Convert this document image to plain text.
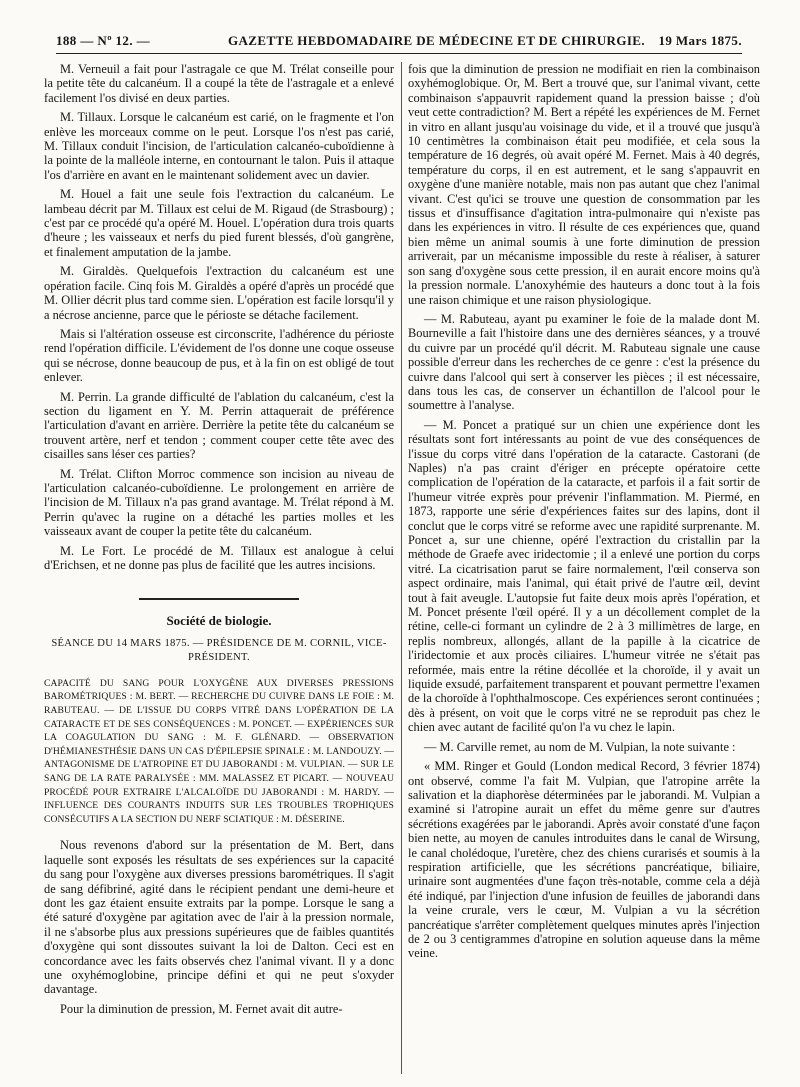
188 — Nº 12. —	GAZETTE HEBDOMADAIRE DE MÉDECINE ET DE CHIRURGIE. 19 Mars 1875.

M. Verneuil a fait pour l'astragale ce que M. Trélat conseille pour la petite tête du calcanéum. Il a coupé la tête de l'astragale et a enlevé facilement l'os divisé en deux parties.

M. Tillaux. Lorsque le calcanéum est carié, on le fragmente et l'on enlève les morceaux comme on le peut. Lorsque l'os n'est pas carié, M. Tillaux conduit l'incision, de l'articulation calcanéo-cuboïdienne à la pointe de la malléole interne, en contournant le talon. Puis il attaque l'os d'arrière en avant en le maintenant solidement avec un davier.

M. Houel a fait une seule fois l'extraction du calcanéum. Le lambeau décrit par M. Tillaux est celui de M. Rigaud (de Strasbourg) ; c'est par ce procédé qu'a opéré M. Houel. L'opération dura trois quarts d'heure ; les vaisseaux et nerfs du pied furent blessés, d'où gangrène, et finalement amputation de la jambe.

M. Giraldès. Quelquefois l'extraction du calcanéum est une opération facile. Cinq fois M. Giraldès a opéré d'après un procédé que M. Ollier décrit plus tard comme sien. L'opération est facile lorsqu'il y a nécrose ancienne, parce que le périoste se détache facilement.

Mais si l'altération osseuse est circonscrite, l'adhérence du périoste rend l'opération difficile. L'évidement de l'os donne une coque osseuse qui se nécrose, donne beaucoup de pus, et à la fin on est obligé de tout enlever.

M. Perrin. La grande difficulté de l'ablation du calcanéum, c'est la section du ligament en Y. M. Perrin attaquerait de préférence l'articulation d'avant en arrière. Derrière la petite tête du calcanéum se trouvent artère, nerf et tendon ; comment couper cette tête avec des cisailles sans léser ces parties?

M. Trélat. Clifton Morroc commence son incision au niveau de l'articulation calcanéo-cuboïdienne. Le prolongement en arrière de l'incision de M. Tillaux n'a pas grand avantage. M. Trélat répond à M. Perrin qu'avec la rugine on a détaché les parties molles et les vaisseaux avant de couper la petite tête du calcanéum.

M. Le Fort. Le procédé de M. Tillaux est analogue à celui d'Erichsen, et ne donne pas plus de facilité que les autres incisions.

Société de biologie.

SÉANCE DU 14 MARS 1875. — PRÉSIDENCE DE M. CORNIL, VICE-PRÉSIDENT.

CAPACITÉ DU SANG POUR L'OXYGÈNE AUX DIVERSES PRESSIONS BAROMÉTRIQUES : M. BERT. — RECHERCHE DU CUIVRE DANS LE FOIE : M. RABUTEAU. — DE L'ISSUE DU CORPS VITRÉ DANS L'OPÉRATION DE LA CATARACTE ET DE SES CONSÉQUENCES : M. PONCET. — EXPÉRIENCES SUR LA COAGULATION DU SANG : M. F. GLÉNARD. — OBSERVATION D'HÉMIANESTHÉSIE DANS UN CAS D'ÉPILEPSIE SPINALE : M. LANDOUZY. — ANTAGONISME DE L'ATROPINE ET DU JABORANDI : M. VULPIAN. — SUR LE SANG DE LA RATE PARALYSÉE : MM. MALASSEZ ET PICART. — NOUVEAU PROCÉDÉ POUR EXTRAIRE L'ALCALOÏDE DU JABORANDI : M. HARDY. — INFLUENCE DES COURANTS INDUITS SUR LES TROUBLES TROPHIQUES CONSÉCUTIFS A LA SECTION DU NERF SCIATIQUE : M. DÉSERINE.

Nous revenons d'abord sur la présentation de M. Bert, dans laquelle sont exposés les résultats de ses expériences sur la capacité du sang pour l'oxygène aux diverses pressions barométriques. Il s'agit de sang défibriné, agité dans le récipient pendant une demi-heure et dont les gaz étaient ensuite extraits par la pompe. Lorsque le sang a été saturé d'oxygène par agitation avec de l'air à la pression normale, il ne s'absorbe plus aux pressions supérieures que de faibles quantités d'oxygène qui sont dissoutes suivant la loi de Dalton. Ceci est en concordance avec les faits observés chez l'animal vivant. Il y a donc une oxyhémoglobine, principe défini et qui ne peut s'oxyder davantage.

Pour la diminution de pression, M. Fernet avait dit autre-

fois que la diminution de pression ne modifiait en rien la combinaison oxyhémoglobique. Or, M. Bert a trouvé que, sur l'animal vivant, cette combinaison s'appauvrit rapidement quand la pression baisse ; d'où veut cette contradiction? M. Bert a répété les expériences de M. Fernet in vitro en allant jusqu'au voisinage du vide, et il a trouvé que jusqu'à 10 centimètres la combinaison était peu modifiée, et cela sous la température de 16 degrés, où avait opéré M. Fernet. Mais à 40 degrés, température du corps, il en est autrement, et le sang s'appauvrit en oxygène d'une manière notable, mais non pas autant que chez l'animal vivant. C'est qu'ici se trouve une question de consommation par les tissus et d'insuffisance d'agitation intra-pulmonaire qui n'existe pas dans les expériences in vitro. Il résulte de ces expériences que, quand bien même un animal soumis à une forte diminution de pression arriverait, par un mécanisme impossible du reste à réaliser, à saturer son sang d'oxygène sous cette pression, il en aurait encore moins qu'à la pression normale. L'anoxyhémie des hauteurs a donc tout à la fois une raison chimique et une raison physiologique.

— M. Rabuteau, ayant pu examiner le foie de la malade dont M. Bourneville a fait l'histoire dans une des dernières séances, y a trouvé du cuivre par un procédé qu'il décrit. M. Rabuteau signale une cause possible d'erreur dans les recherches de ce genre : c'est la présence du cuivre dans l'alcool qui sert à conserver les pièces ; il est nécessaire, dans tous les cas, de conserver un échantillon de l'alcool pour le soumettre à l'analyse.

— M. Poncet a pratiqué sur un chien une expérience dont les résultats sont fort intéressants au point de vue des conséquences de l'issue du corps vitré dans l'opération de la cataracte. Castorani (de Naples) n'a pas craint d'ériger en précepte opératoire cette complication de l'opération de la cataracte, et parfois il a fait sortir de l'humeur vitrée exprès pour prévenir l'inflammation. M. Piermé, en 1873, rapporte une série d'expériences faites sur des lapins, dont il conclut que le corps vitré se reforme avec une rapidité surprenante. M. Poncet a, sur une chienne, opéré l'extraction du cristallin par la méthode de Graefe avec iridectomie ; il a enlevé une portion du corps vitré. La cicatrisation parut se faire normalement, l'œil conserva son aspect ordinaire, mais l'animal, qui était privé de l'autre œil, devint tout à fait aveugle. L'autopsie fut faite deux mois après l'opération, et M. Poncet présente l'œil opéré. Il y a un décollement complet de la rétine, celle-ci formant un cylindre de 2 à 3 millimètres de large, en replis nombreux, allongés, allant de la papille à la cicatrice de l'iridectomie et aux procès ciliaires. L'humeur vitrée ne s'était pas reformée, mais entre la rétine décollée et la choroïde, il y avait un liquide exsudé, parfaitement transparent et pouvant permettre l'examen de la choroïde à l'ophthalmoscope. Ces expériences seront continuées ; dès à présent, on voit que le corps vitré ne se reproduit pas chez le chien avec autant de facilité qu'on l'a vu chez le lapin.

— M. Carville remet, au nom de M. Vulpian, la note suivante :

« MM. Ringer et Gould (London medical Record, 3 février 1874) ont observé, comme l'a fait M. Vulpian, que l'atropine arrête la salivation et la diaphorèse déterminées par le jaborandi. M. Vulpian a examiné si l'atropine aurait un effet du même genre sur d'autres sécrétions exagérées par le jaborandi. Après avoir constaté d'une façon bien nette, au moyen de canules introduites dans le canal de Wirsung, le canal cholédoque, l'uretère, chez des chiens curarisés et soumis à la respiration artificielle, que les sécrétions pancréatique, biliaire, urinaire sont augmentées d'une façon très-notable, comme cela a déjà été indiqué, par l'injection d'une infusion de feuilles de jaborandi dans la veine crurale, vers le cœur, M. Vulpian a vu la sécrétion pancréatique s'arrêter complètement quelques minutes après l'injection de 2 ou 3 centigrammes d'atropine en solution aqueuse dans la même veine.
